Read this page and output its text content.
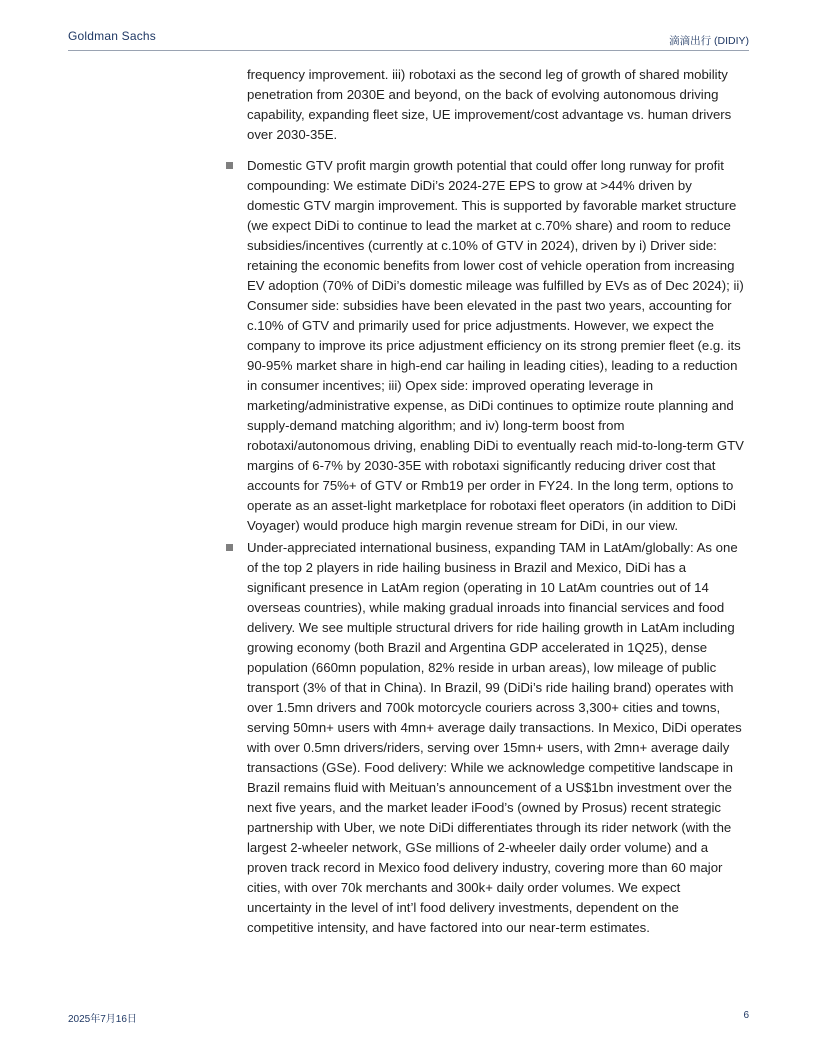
Goldman Sachs	滴滴出行 (DIDIY)

frequency improvement. iii) robotaxi as the second leg of growth of shared mobility penetration from 2030E and beyond, on the back of evolving autonomous driving capability, expanding fleet size, UE improvement/cost advantage vs. human drivers over 2030-35E.

Domestic GTV profit margin growth potential that could offer long runway for profit compounding: We estimate DiDi’s 2024-27E EPS to grow at >44% driven by domestic GTV margin improvement. This is supported by favorable market structure (we expect DiDi to continue to lead the market at c.70% share) and room to reduce subsidies/incentives (currently at c.10% of GTV in 2024), driven by i) Driver side: retaining the economic benefits from lower cost of vehicle operation from increasing EV adoption (70% of DiDi’s domestic mileage was fulfilled by EVs as of Dec 2024); ii) Consumer side: subsidies have been elevated in the past two years, accounting for c.10% of GTV and primarily used for price adjustments. However, we expect the company to improve its price adjustment efficiency on its strong premier fleet (e.g. its 90-95% market share in high-end car hailing in leading cities), leading to a reduction in consumer incentives; iii) Opex side: improved operating leverage in marketing/administrative expense, as DiDi continues to optimize route planning and supply-demand matching algorithm; and iv) long-term boost from robotaxi/autonomous driving, enabling DiDi to eventually reach mid-to-long-term GTV margins of 6-7% by 2030-35E with robotaxi significantly reducing driver cost that accounts for 75%+ of GTV or Rmb19 per order in FY24. In the long term, options to operate as an asset-light marketplace for robotaxi fleet operators (in addition to DiDi Voyager) would produce high margin revenue stream for DiDi, in our view.

Under-appreciated international business, expanding TAM in LatAm/globally: As one of the top 2 players in ride hailing business in Brazil and Mexico, DiDi has a significant presence in LatAm region (operating in 10 LatAm countries out of 14 overseas countries), while making gradual inroads into financial services and food delivery. We see multiple structural drivers for ride hailing growth in LatAm including growing economy (both Brazil and Argentina GDP accelerated in 1Q25), dense population (660mn population, 82% reside in urban areas), low mileage of public transport (3% of that in China). In Brazil, 99 (DiDi’s ride hailing brand) operates with over 1.5mn drivers and 700k motorcycle couriers across 3,300+ cities and towns, serving 50mn+ users with 4mn+ average daily transactions. In Mexico, DiDi operates with over 0.5mn drivers/riders, serving over 15mn+ users, with 2mn+ average daily transactions (GSe). Food delivery: While we acknowledge competitive landscape in Brazil remains fluid with Meituan’s announcement of a US$1bn investment over the next five years, and the market leader iFood’s (owned by Prosus) recent strategic partnership with Uber, we note DiDi differentiates through its rider network (with the largest 2-wheeler network, GSe millions of 2-wheeler daily order volume) and a proven track record in Mexico food delivery industry, covering more than 60 major cities, with over 70k merchants and 300k+ daily order volumes. We expect uncertainty in the level of int’l food delivery investments, dependent on the competitive intensity, and have factored into our near-term estimates.

2025年7月16日	6
